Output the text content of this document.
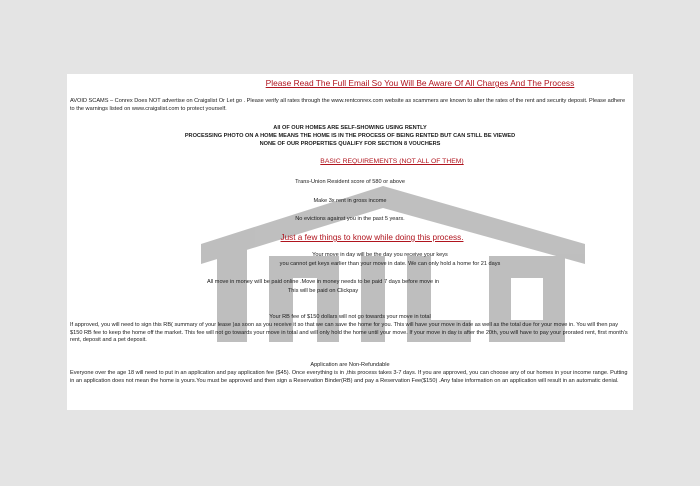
Please Read The Full Email So You Will Be Aware Of All Charges And The Process
AVOID SCAMS – Conrex Does NOT advertise on Craigslist Or Let go . Please verify all rates through the www.rentconrex.com website as scammers are known to alter the rates of the rent and security deposit. Please adhere to the warnings listed on www.craigslist.com to protect yourself.
All OF OUR HOMES ARE SELF-SHOWING USING RENTLY
PROCESSING PHOTO ON A HOME MEANS THE HOME IS IN THE PROCESS OF BEING RENTED BUT CAN STILL BE VIEWED
NONE OF OUR PROPERTIES QUALIFY FOR SECTION 8 VOUCHERS
BASIC REQUIREMENTS (NOT ALL OF THEM)
Trans-Union Resident score of 580 or above
Make 3x rent in gross income
No evictions against you in the past 5 years.
Just a few things to know while doing this process.
Your move in day will be the day you receive your keys
you cannot get keys earlier than your move in date. We can only hold a home for 21 days
All move in money will be paid online .Move in money needs to be paid 7 days before move in
This will be paid on Clickpay
Your RB fee of $150 dollars will not go towards your move in total
If approved, you will need to sign this RB( summary of your lease )as soon as you receive it so that we can save the home for you. This will have your move in date as well as the total due for your move in. You will then pay $150 RB fee to keep the home off the market. This fee will not go towards your move in total and will only hold the home until your move. If your move in day is after the 20th, you will have to pay your prorated rent, first month's rent, deposit and a pet deposit.
Application are Non-Refundable
Everyone over the age 18 will need to put in an application and pay application fee ($45). Once everything is in ,this process takes 3-7 days. If you are approved, you can choose any of our homes in your income range. Putting in an application does not mean the home is yours.You must be approved and then sign a Reservation Binder(RB) and pay a Reservation Fee($150) .Any false information on an application will result in an automatic denial.
